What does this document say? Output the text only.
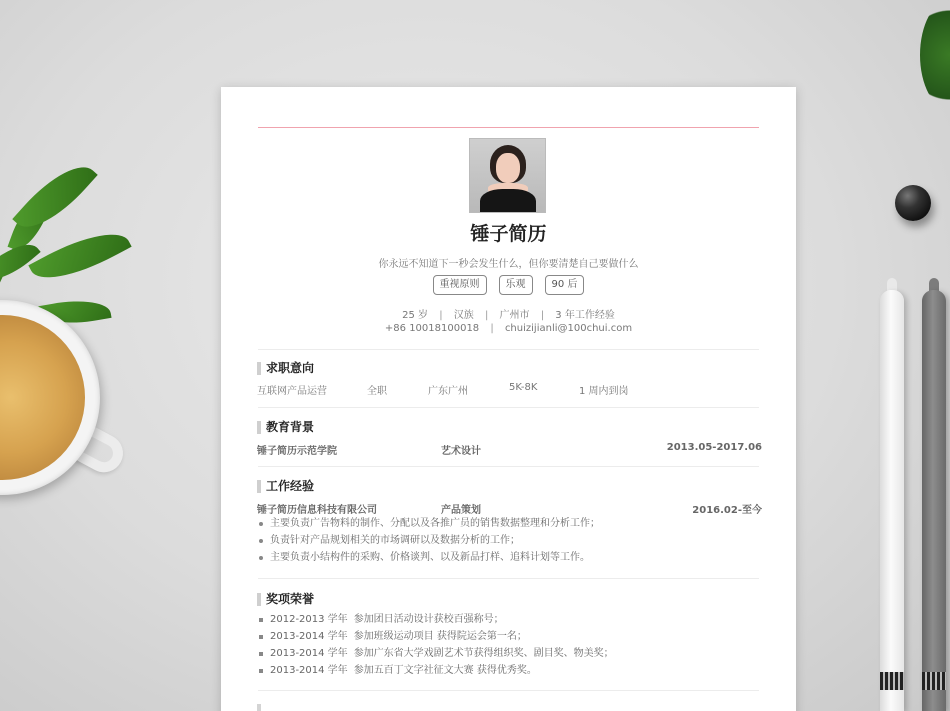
锤子简历
你永远不知道下一秒会发生什么，但你要清楚自己要做什么
重视原则	乐观	90 后
25 岁 | 汉族 | 广州市 | 3 年工作经验
+86 10018100018 | chuizijianli@100chui.com
求职意向
互联网产品运营	全职	广东广州	5K-8K	1 周内到岗
教育背景
锤子简历示范学院	艺术设计	2013.05-2017.06
工作经验
锤子简历信息科技有限公司	产品策划	2016.02-至今
主要负责广告物料的制作、分配以及各推广员的销售数据整理和分析工作；
负责针对产品规划相关的市场调研以及数据分析的工作；
主要负责小结构件的采购、价格谈判、以及新品打样、追料计划等工作。
奖项荣誉
2012-2013 学年 参加团日活动设计获校百强称号；
2013-2014 学年 参加班级运动项目 获得院运会第一名；
2013-2014 学年 参加广东省大学戏剧艺术节获得组织奖、剧目奖、物美奖；
2013-2014 学年 参加五百丁文字社征文大赛 获得优秀奖。
